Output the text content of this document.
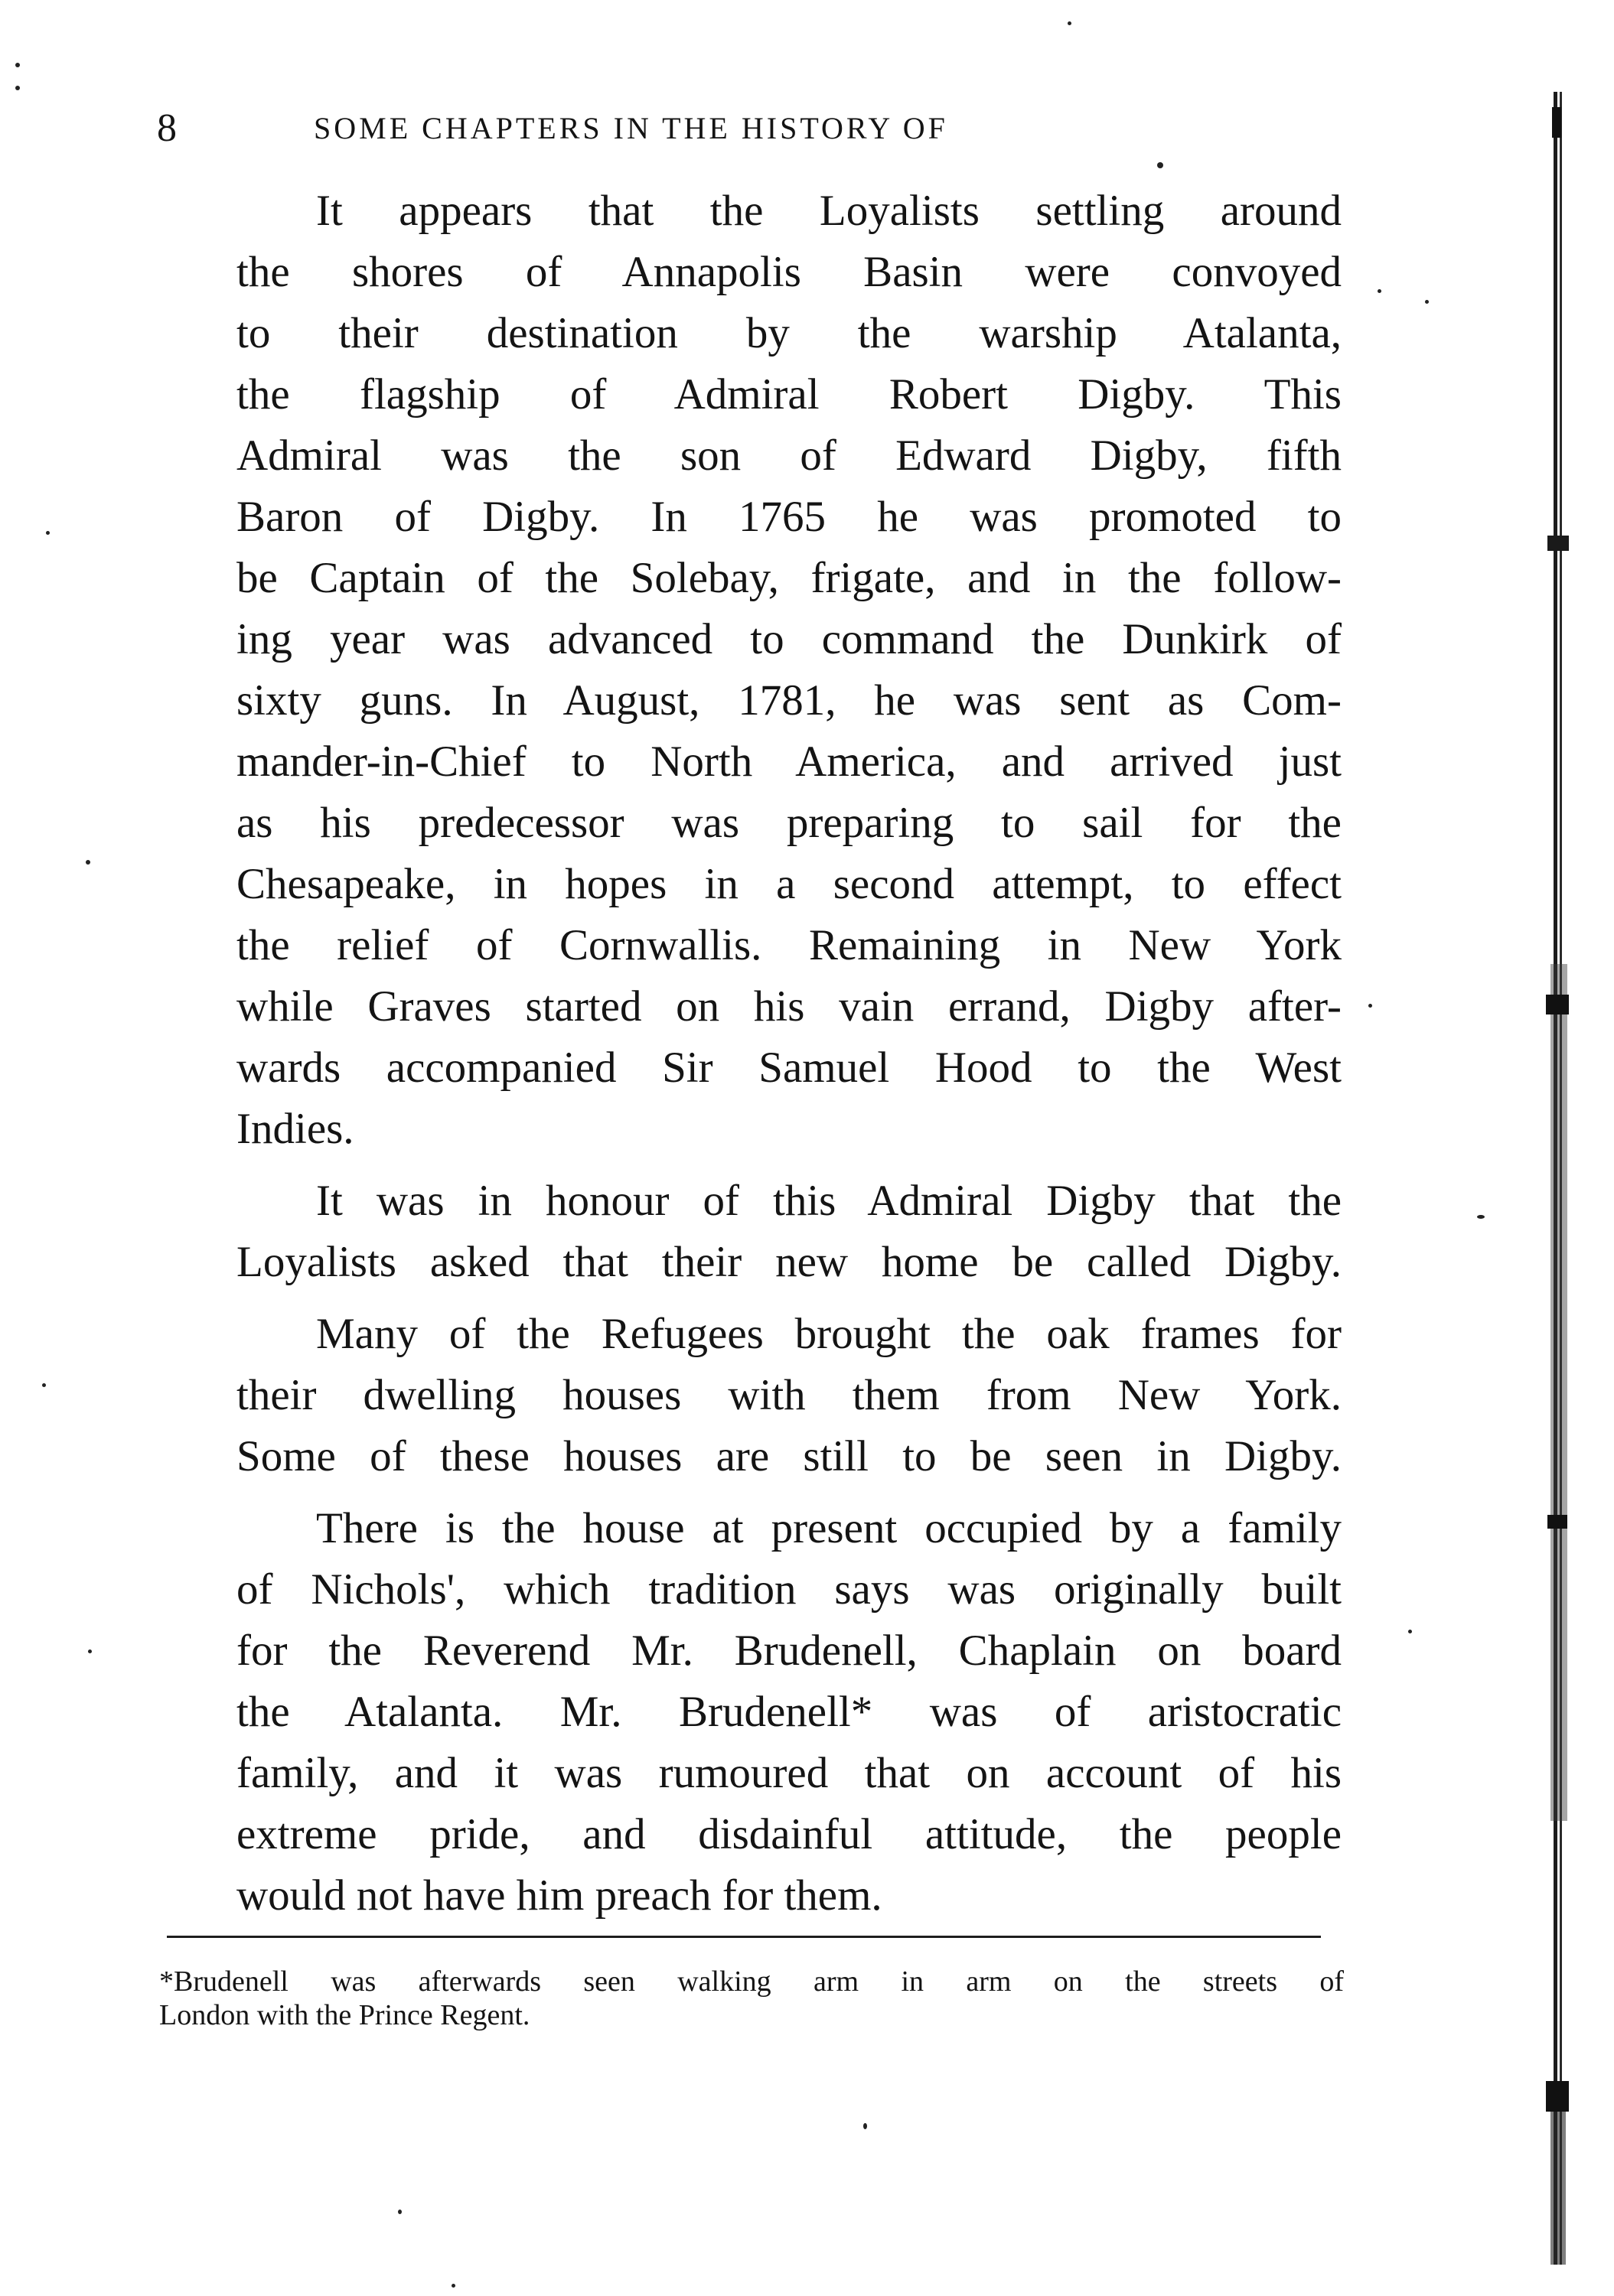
8	SOME CHAPTERS IN THE HISTORY OF
It appears that the Loyalists settling around
the shores of Annapolis Basin were convoyed
to their destination by the warship Atalanta,
the flagship of Admiral Robert Digby. This
Admiral was the son of Edward Digby, fifth
Baron of Digby. In 1765 he was promoted to
be Captain of the Solebay, frigate, and in the follow-
ing year was advanced to command the Dunkirk of
sixty guns. In August, 1781, he was sent as Com-
mander-in-Chief to North America, and arrived just
as his predecessor was preparing to sail for the
Chesapeake, in hopes in a second attempt, to effect
the relief of Cornwallis. Remaining in New York
while Graves started on his vain errand, Digby after-
wards accompanied Sir Samuel Hood to the West
Indies.
It was in honour of this Admiral Digby that the
Loyalists asked that their new home be called Digby.
Many of the Refugees brought the oak frames for
their dwelling houses with them from New York.
Some of these houses are still to be seen in Digby.
There is the house at present occupied by a family
of Nichols', which tradition says was originally built
for the Reverend Mr. Brudenell, Chaplain on board
the Atalanta. Mr. Brudenell* was of aristocratic
family, and it was rumoured that on account of his
extreme pride, and disdainful attitude, the people
would not have him preach for them.
*Brudenell was afterwards seen walking arm in arm on the streets of
London with the Prince Regent.
